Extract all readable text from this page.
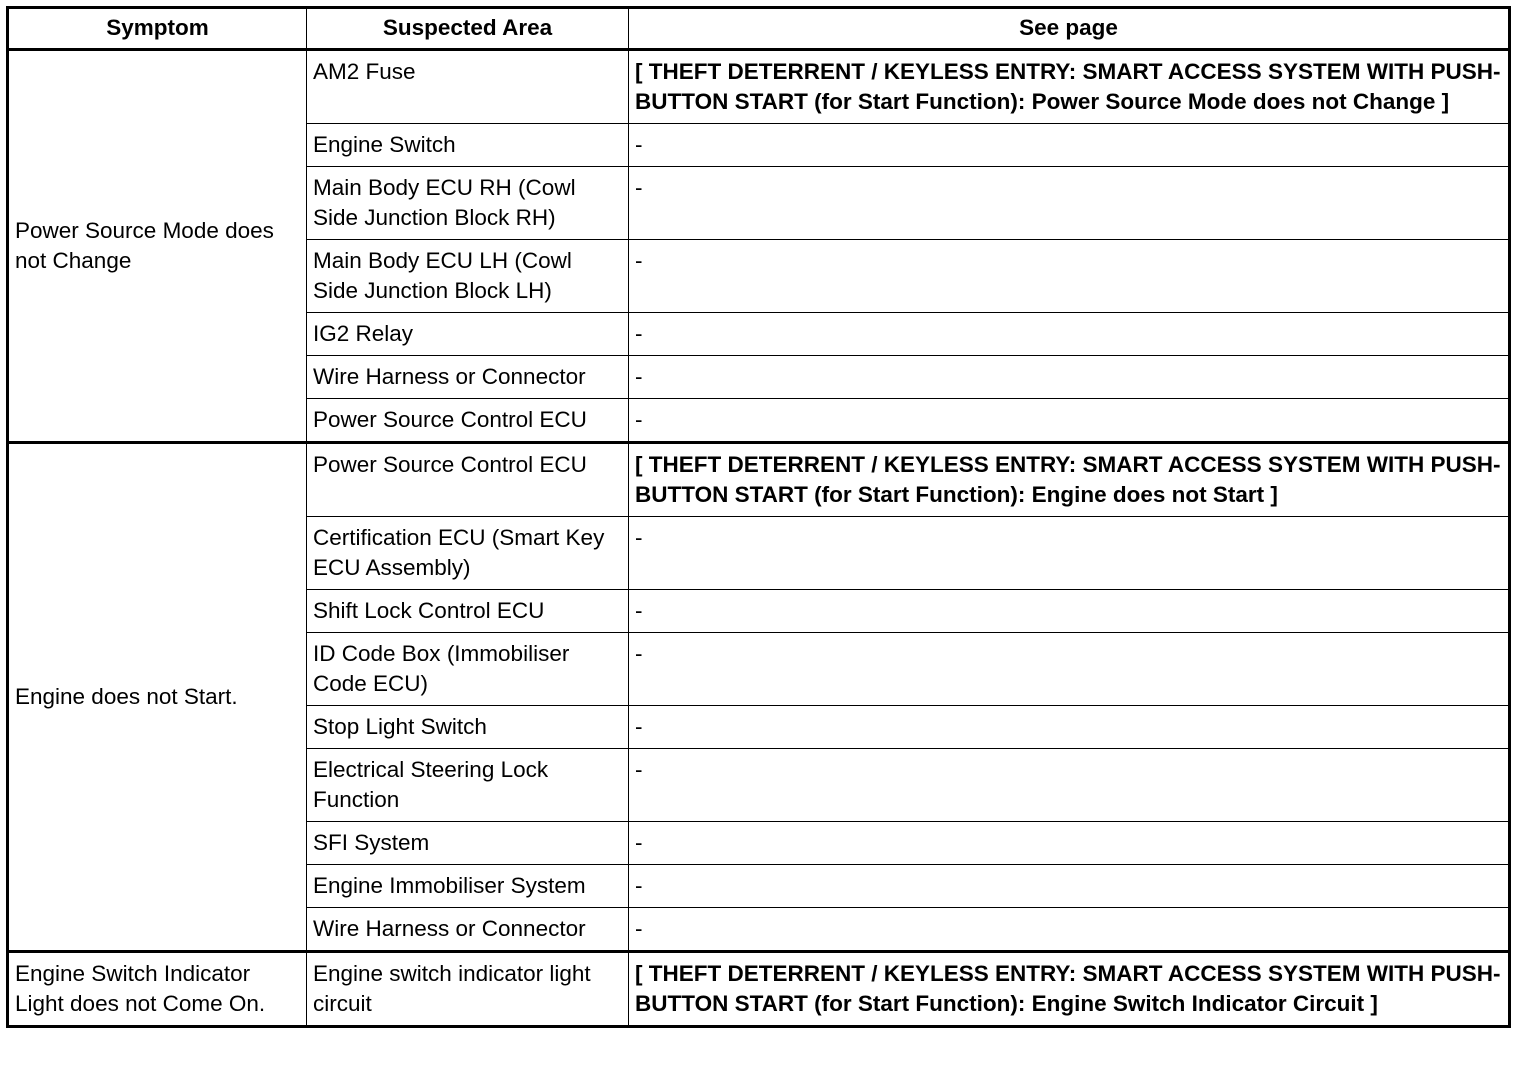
Symptom	Suspected Area	See page
Power Source Mode does not Change	AM2 Fuse	[ THEFT DETERRENT / KEYLESS ENTRY: SMART ACCESS SYSTEM WITH PUSH-BUTTON START (for Start Function): Power Source Mode does not Change ]
	Engine Switch	-
	Main Body ECU RH (Cowl Side Junction Block RH)	-
	Main Body ECU LH (Cowl Side Junction Block LH)	-
	IG2 Relay	-
	Wire Harness or Connector	-
	Power Source Control ECU	-
Engine does not Start.	Power Source Control ECU	[ THEFT DETERRENT / KEYLESS ENTRY: SMART ACCESS SYSTEM WITH PUSH-BUTTON START (for Start Function): Engine does not Start ]
	Certification ECU (Smart Key ECU Assembly)	-
	Shift Lock Control ECU	-
	ID Code Box (Immobiliser Code ECU)	-
	Stop Light Switch	-
	Electrical Steering Lock Function	-
	SFI System	-
	Engine Immobiliser System	-
	Wire Harness or Connector	-
Engine Switch Indicator Light does not Come On.	Engine switch indicator light circuit	[ THEFT DETERRENT / KEYLESS ENTRY: SMART ACCESS SYSTEM WITH PUSH-BUTTON START (for Start Function): Engine Switch Indicator Circuit ]
